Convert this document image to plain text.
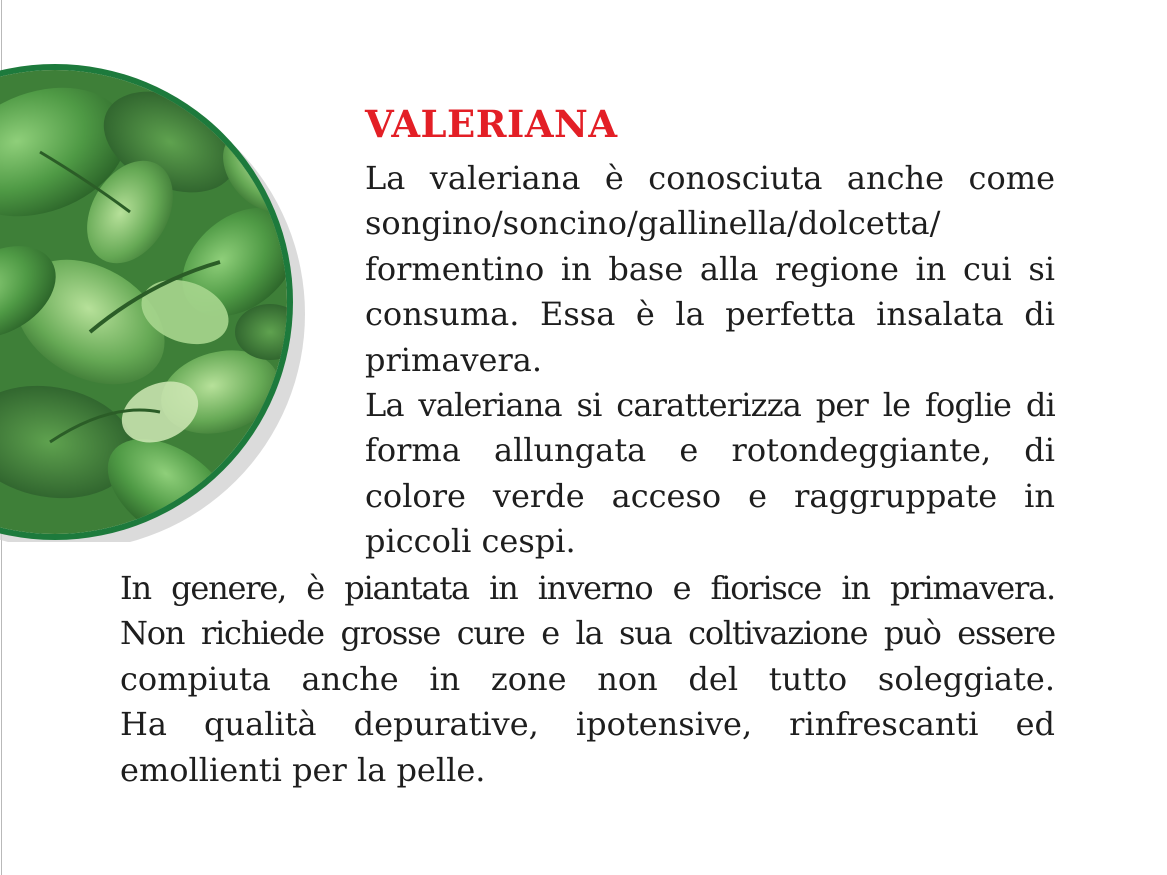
VALERIANA
La valeriana è conosciuta anche come
songino/soncino/gallinella/dolcetta/
formentino in base alla regione in cui si
consuma. Essa è la perfetta insalata di
primavera.
La valeriana si caratterizza per le foglie di
forma allungata e rotondeggiante, di
colore verde acceso e raggruppate in
piccoli cespi.
In genere, è piantata in inverno e fiorisce in primavera.
Non richiede grosse cure e la sua coltivazione può essere
compiuta anche in zone non del tutto soleggiate.
Ha qualità depurative, ipotensive, rinfrescanti ed
emollienti per la pelle.
